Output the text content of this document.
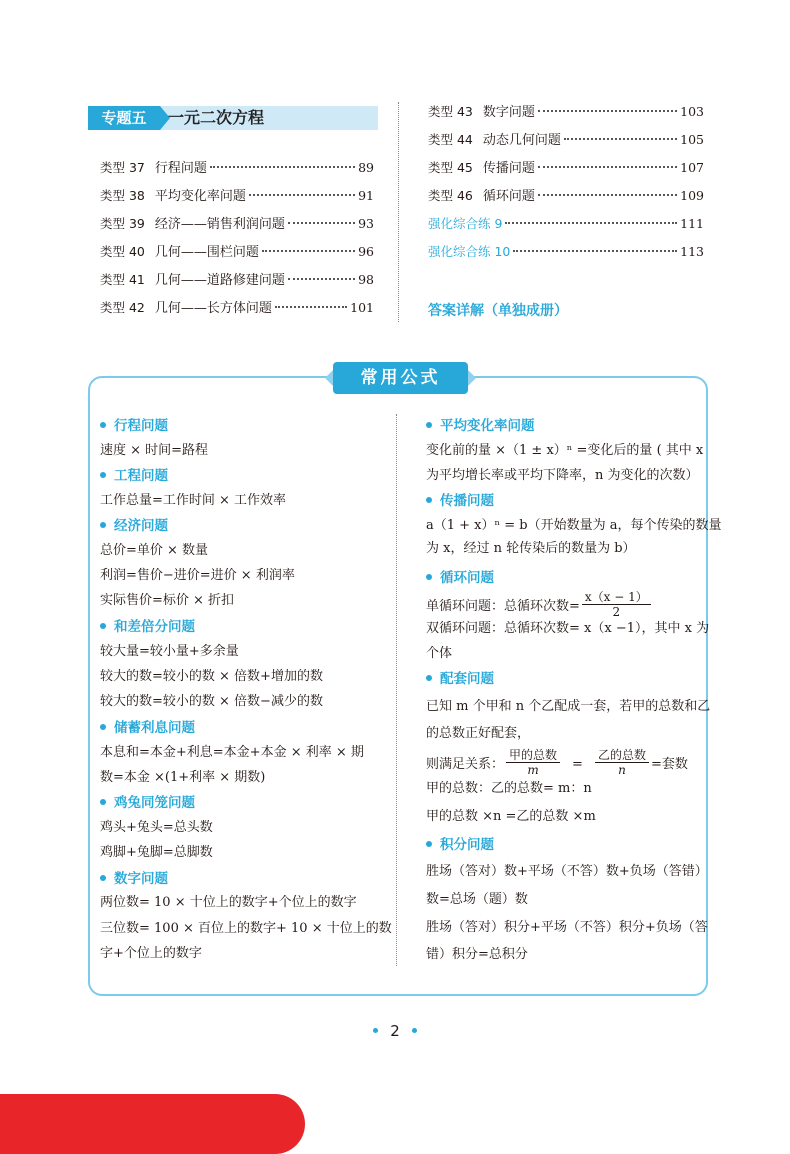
专题五	一元二次方程
类型 37 行程问题	89
类型 38 平均变化率问题	91
类型 39 经济——销售利润问题	93
类型 40 几何——围栏问题	96
类型 41 几何——道路修建问题	98
类型 42 几何——长方体问题	101
类型 43 数字问题	103
类型 44 动态几何问题	105
类型 45 传播问题	107
类型 46 循环问题	109
强化综合练 9	111
强化综合练 10	113
答案详解（单独成册）
常用公式
行程问题
速度 × 时间=路程
工程问题
工作总量=工作时间 × 工作效率
经济问题
总价=单价 × 数量
利润=售价−进价=进价 × 利润率
实际售价=标价 × 折扣
和差倍分问题
较大量=较小量+多余量
较大的数=较小的数 × 倍数+增加的数
较大的数=较小的数 × 倍数−减少的数
储蓄利息问题
本息和=本金+利息=本金+本金 × 利率 × 期
数=本金 ×(1+利率 × 期数)
鸡兔同笼问题
鸡头+兔头=总头数
鸡脚+兔脚=总脚数
数字问题
两位数= 10 × 十位上的数字+个位上的数字
三位数= 100 × 百位上的数字+ 10 × 十位上的数
字+个位上的数字
平均变化率问题
变化前的量 ×（1 ± x）ⁿ =变化后的量 ( 其中 x
为平均增长率或平均下降率，n 为变化的次数）
传播问题
a（1 + x）ⁿ = b（开始数量为 a，每个传染的数量
为 x，经过 n 轮传染后的数量为 b）
循环问题
单循环问题：总循环次数= $\frac{x(x - 1)}{2}$
双循环问题：总循环次数= x（x −1），其中 x 为
个体
配套问题
已知 m 个甲和 n 个乙配成一套，若甲的总数和乙
的总数正好配套，
则满足关系： $\frac{\text{甲的总数}}{m} = \frac{\text{乙的总数}}{n}$ =套数
甲的总数：乙的总数= m：n
甲的总数 ×n =乙的总数 ×m
积分问题
胜场（答对）数+平场（不答）数+负场（答错）
数=总场（题）数
胜场（答对）积分+平场（不答）积分+负场（答
错）积分=总积分
2
